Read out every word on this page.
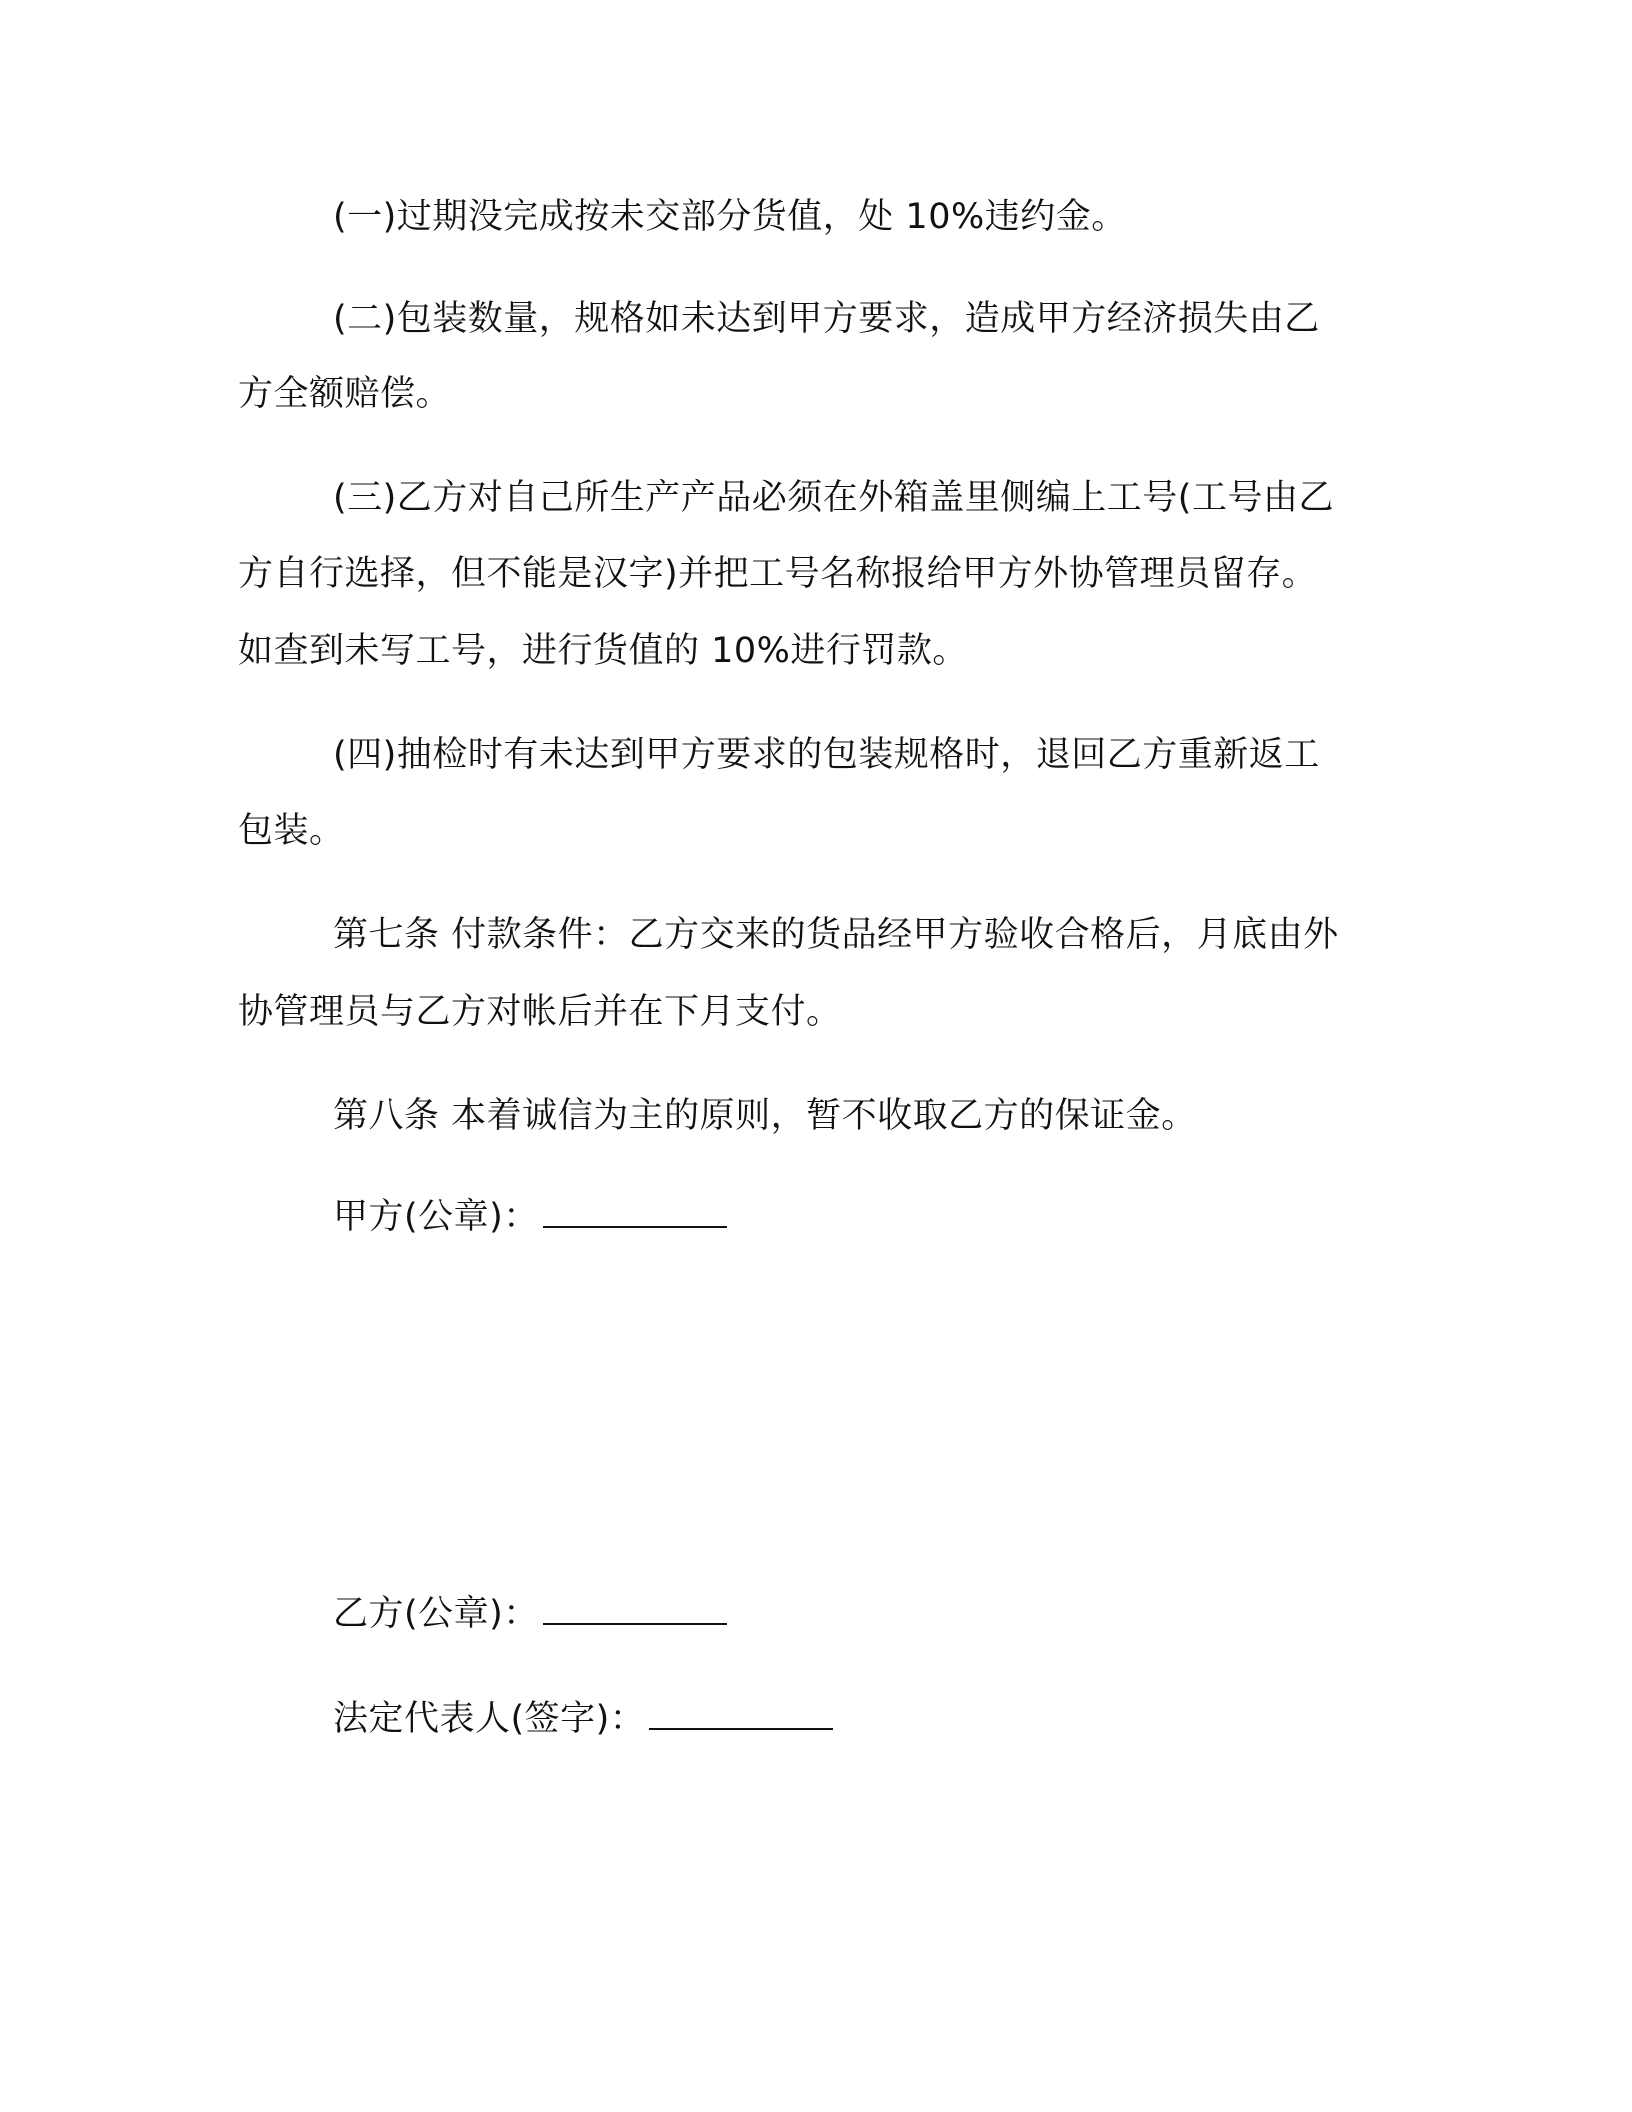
(一)过期没完成按未交部分货值，处 10%违约金。
(二)包装数量，规格如未达到甲方要求，造成甲方经济损失由乙
方全额赔偿。
(三)乙方对自己所生产产品必须在外箱盖里侧编上工号(工号由乙
方自行选择，但不能是汉字)并把工号名称报给甲方外协管理员留存。
如查到未写工号，进行货值的 10%进行罚款。
(四)抽检时有未达到甲方要求的包装规格时，退回乙方重新返工
包装。
第七条 付款条件：乙方交来的货品经甲方验收合格后，月底由外
协管理员与乙方对帐后并在下月支付。
第八条 本着诚信为主的原则，暂不收取乙方的保证金。
甲方(公章)：
乙方(公章)：
法定代表人(签字)：
